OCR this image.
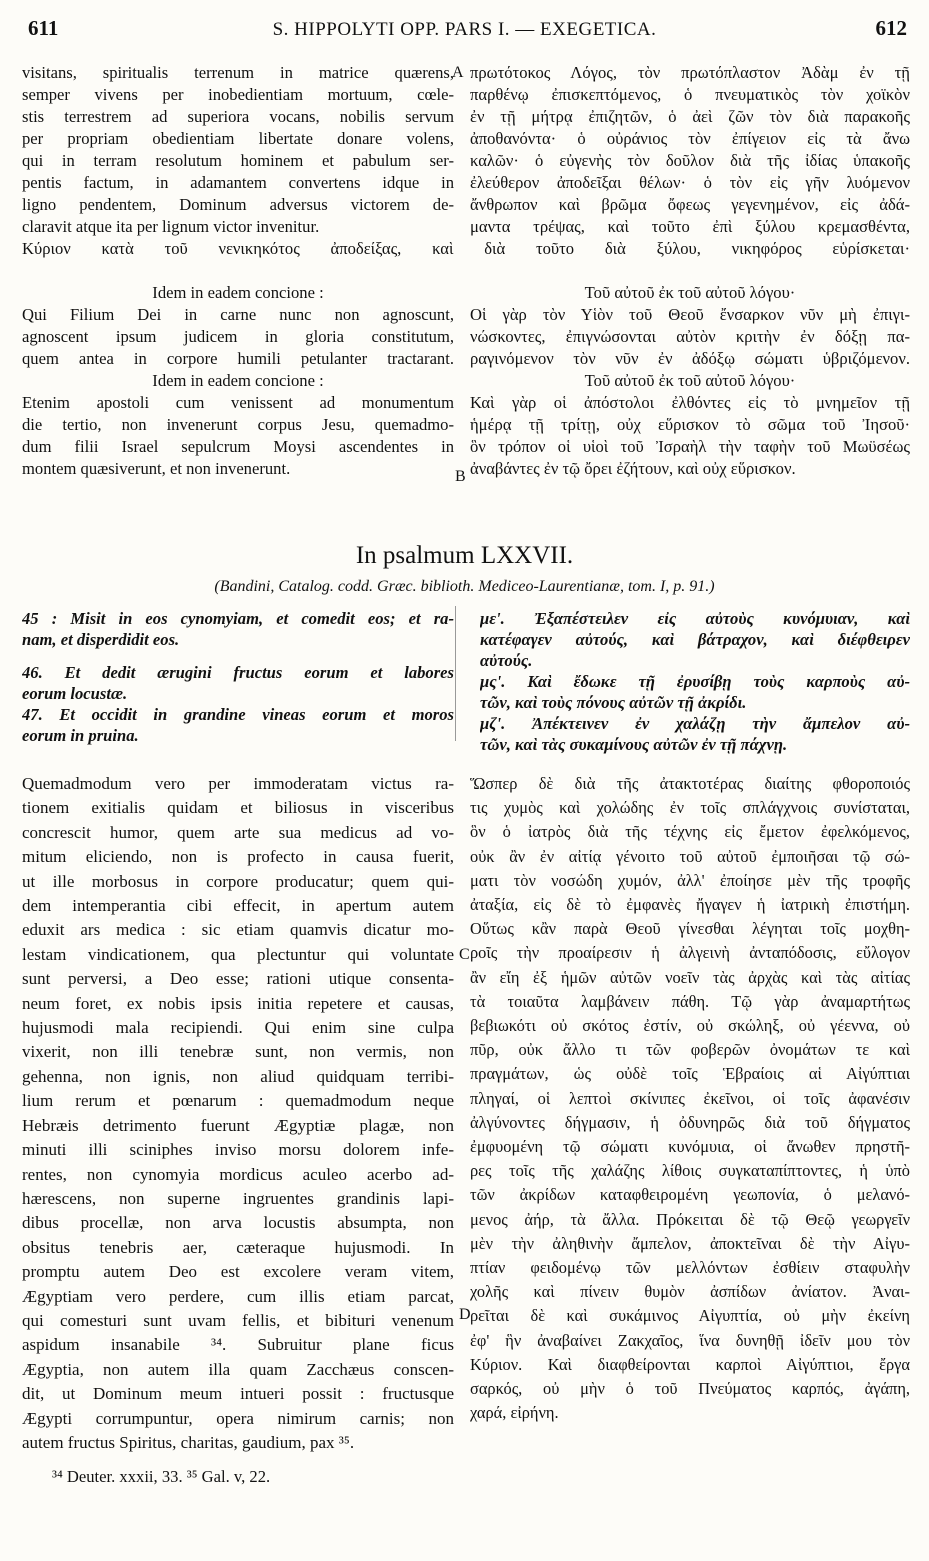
611	S. HIPPOLYTI OPP. PARS I. — EXEGETICA.	612
A
B
C
D
visitans, spiritualis terrenum in matrice quærens,
semper vivens per inobedientiam mortuum, cœle-
stis terrestrem ad superiora vocans, nobilis servum
per propriam obedientiam libertate donare volens,
qui in terram resolutum hominem et pabulum ser-
pentis factum, in adamantem convertens idque in
ligno pendentem, Dominum adversus victorem de-
claravit atque ita per lignum victor invenitur.
πρωτότοκος Λόγος, τὸν πρωτόπλαστον Ἀδὰμ ἐν τῇ
παρθένῳ ἐπισκεπτόμενος, ὁ πνευματικὸς τὸν χοϊκὸν
ἐν τῇ μήτρᾳ ἐπιζητῶν, ὁ ἀεὶ ζῶν τὸν διὰ παρακοῆς
ἀποθανόντα· ὁ οὐράνιος τὸν ἐπίγειον εἰς τὰ ἄνω
καλῶν· ὁ εὐγενὴς τὸν δοῦλον διὰ τῆς ἰδίας ὑπακοῆς
ἐλεύθερον ἀποδεῖξαι θέλων· ὁ τὸν εἰς γῆν λυόμενον
ἄνθρωπον καὶ βρῶμα ὄφεως γεγενημένον, εἰς ἀδά-
μαντα τρέψας, καὶ τοῦτο ἐπὶ ξύλου κρεμασθέντα,
Κύριον κατὰ τοῦ νενικηκότος ἀποδείξας, καὶ διὰ τοῦτο διὰ ξύλου, νικηφόρος εὑρίσκεται·
Idem in eadem concione :
Qui Filium Dei in carne nunc non agnoscunt,
agnoscent ipsum judicem in gloria constitutum,
quem antea in corpore humili petulanter tractarant.
Τοῦ αὐτοῦ ἐκ τοῦ αὐτοῦ λόγου·
Οἱ γὰρ τὸν Υἱὸν τοῦ Θεοῦ ἔνσαρκον νῦν μὴ ἐπιγι-
νώσκοντες, ἐπιγνώσονται αὐτὸν κριτὴν ἐν δόξῃ πα-
ραγινόμενον τὸν νῦν ἐν ἀδόξῳ σώματι ὑβριζόμενον.
Idem in eadem concione :
Etenim apostoli cum venissent ad monumentum
die tertio, non invenerunt corpus Jesu, quemadmo-
dum filii Israel sepulcrum Moysi ascendentes in
montem quæsiverunt, et non invenerunt.
Τοῦ αὐτοῦ ἐκ τοῦ αὐτοῦ λόγου·
Καὶ γὰρ οἱ ἀπόστολοι ἐλθόντες εἰς τὸ μνημεῖον τῇ
ἡμέρᾳ τῇ τρίτῃ, οὐχ εὕρισκον τὸ σῶμα τοῦ Ἰησοῦ·
ὃν τρόπον οἱ υἱοὶ τοῦ Ἰσραὴλ τὴν ταφὴν τοῦ Μωϋσέως
ἀναβάντες ἐν τῷ ὄρει ἐζήτουν, καὶ οὐχ εὕρισκον.
In psalmum LXXVII.
(Bandini, Catalog. codd. Græc. biblioth. Mediceo-Laurentianæ, tom. I, p. 91.)
45 : Misit in eos cynomyiam, et comedit eos; et ra-
nam, et disperdidit eos.
46. Et dedit ærugini fructus eorum et labores
eorum locustæ.
47. Et occidit in grandine vineas eorum et moros
eorum in pruina.
με'. Ἐξαπέστειλεν εἰς αὐτοὺς κυνόμυιαν, καὶ
κατέφαγεν αὐτούς, καὶ βάτραχον, καὶ διέφθειρεν
αὐτούς.
μς'. Καὶ ἔδωκε τῇ ἐρυσίβῃ τοὺς καρποὺς αὐ-
τῶν, καὶ τοὺς πόνους αὐτῶν τῇ ἀκρίδι.
μζ'. Ἀπέκτεινεν ἐν χαλάζῃ τὴν ἄμπελον αὐ-
τῶν, καὶ τὰς συκαμίνους αὐτῶν ἐν τῇ πάχνῃ.
Quemadmodum vero per immoderatam victus ra-
tionem exitialis quidam et biliosus in visceribus
concrescit humor, quem arte sua medicus ad vo-
mitum eliciendo, non is profecto in causa fuerit,
ut ille morbosus in corpore producatur; quem qui-
dem intemperantia cibi effecit, in apertum autem
eduxit ars medica : sic etiam quamvis dicatur mo-
lestam vindicationem, qua plectuntur qui voluntate
sunt perversi, a Deo esse; rationi utique consenta-
neum foret, ex nobis ipsis initia repetere et causas,
hujusmodi mala recipiendi. Qui enim sine culpa
vixerit, non illi tenebræ sunt, non vermis, non
gehenna, non ignis, non aliud quidquam terribi-
lium rerum et pœnarum : quemadmodum neque
Hebræis detrimento fuerunt Ægyptiæ plagæ, non
minuti illi sciniphes inviso morsu dolorem infe-
rentes, non cynomyia mordicus aculeo acerbo ad-
hærescens, non superne ingruentes grandinis lapi-
dibus procellæ, non arva locustis absumpta, non
obsitus tenebris aer, cæteraque hujusmodi. In
promptu autem Deo est excolere veram vitem,
Ægyptiam vero perdere, cum illis etiam parcat,
qui comesturi sunt uvam fellis, et bibituri venenum
aspidum insanabile ³⁴. Subruitur plane ficus
Ægyptia, non autem illa quam Zacchæus conscen-
dit, ut Dominum meum intueri possit : fructusque
Ægypti corrumpuntur, opera nimirum carnis; non
autem fructus Spiritus, charitas, gaudium, pax ³⁵.
Ὥσπερ δὲ διὰ τῆς ἀτακτοτέρας διαίτης φθοροποιός
τις χυμὸς καὶ χολώδης ἐν τοῖς σπλάγχνοις συνίσταται,
ὃν ὁ ἰατρὸς διὰ τῆς τέχνης εἰς ἔμετον ἐφελκόμενος,
οὐκ ἂν ἐν αἰτίᾳ γένοιτο τοῦ αὐτοῦ ἐμποιῆσαι τῷ σώ-
ματι τὸν νοσώδη χυμόν, ἀλλ' ἐποίησε μὲν τῆς τροφῆς
ἀταξία, εἰς δὲ τὸ ἐμφανὲς ἤγαγεν ἡ ἰατρικὴ ἐπιστήμη.
Οὕτως κἂν παρὰ Θεοῦ γίνεσθαι λέγηται τοῖς μοχθη-
ροῖς τὴν προαίρεσιν ἡ ἀλγεινὴ ἀνταπόδοσις, εὔλογον
ἂν εἴη ἐξ ἡμῶν αὐτῶν νοεῖν τὰς ἀρχὰς καὶ τὰς αἰτίας
τὰ τοιαῦτα λαμβάνειν πάθη. Τῷ γὰρ ἀναμαρτήτως
βεβιωκότι οὐ σκότος ἐστίν, οὐ σκώληξ, οὐ γέεννα, οὐ
πῦρ, οὐκ ἄλλο τι τῶν φοβερῶν ὀνομάτων τε καὶ
πραγμάτων, ὡς οὐδὲ τοῖς Ἑβραίοις αἱ Αἰγύπτιαι
πληγαί, οἱ λεπτοὶ σκίνιπες ἐκεῖνοι, οἱ τοῖς ἀφανέσιν
ἀλγύνοντες δήγμασιν, ἡ ὀδυνηρῶς διὰ τοῦ δήγματος
ἐμφυομένη τῷ σώματι κυνόμυια, οἱ ἄνωθεν πρηστῆ-
ρες τοῖς τῆς χαλάζης λίθοις συγκαταπίπτοντες, ἡ ὑπὸ
τῶν ἀκρίδων καταφθειρομένη γεωπονία, ὁ μελανό-
μενος ἀήρ, τὰ ἄλλα. Πρόκειται δὲ τῷ Θεῷ γεωργεῖν
μὲν τὴν ἀληθινὴν ἄμπελον, ἀποκτεῖναι δὲ τὴν Αἰγυ-
πτίαν φειδομένῳ τῶν μελλόντων ἐσθίειν σταφυλὴν
χολῆς καὶ πίνειν θυμὸν ἀσπίδων ἀνίατον. Ἀναι-
ρεῖται δὲ καὶ συκάμινος Αἰγυπτία, οὐ μὴν ἐκείνη
ἐφ' ἣν ἀναβαίνει Ζακχαῖος, ἵνα δυνηθῇ ἰδεῖν μου τὸν
Κύριον. Καὶ διαφθείρονται καρποὶ Αἰγύπτιοι, ἔργα
σαρκός, οὐ μὴν ὁ τοῦ Πνεύματος καρπός, ἀγάπη,
χαρά, εἰρήνη.
³⁴ Deuter. xxxii, 33. ³⁵ Gal. v, 22.
